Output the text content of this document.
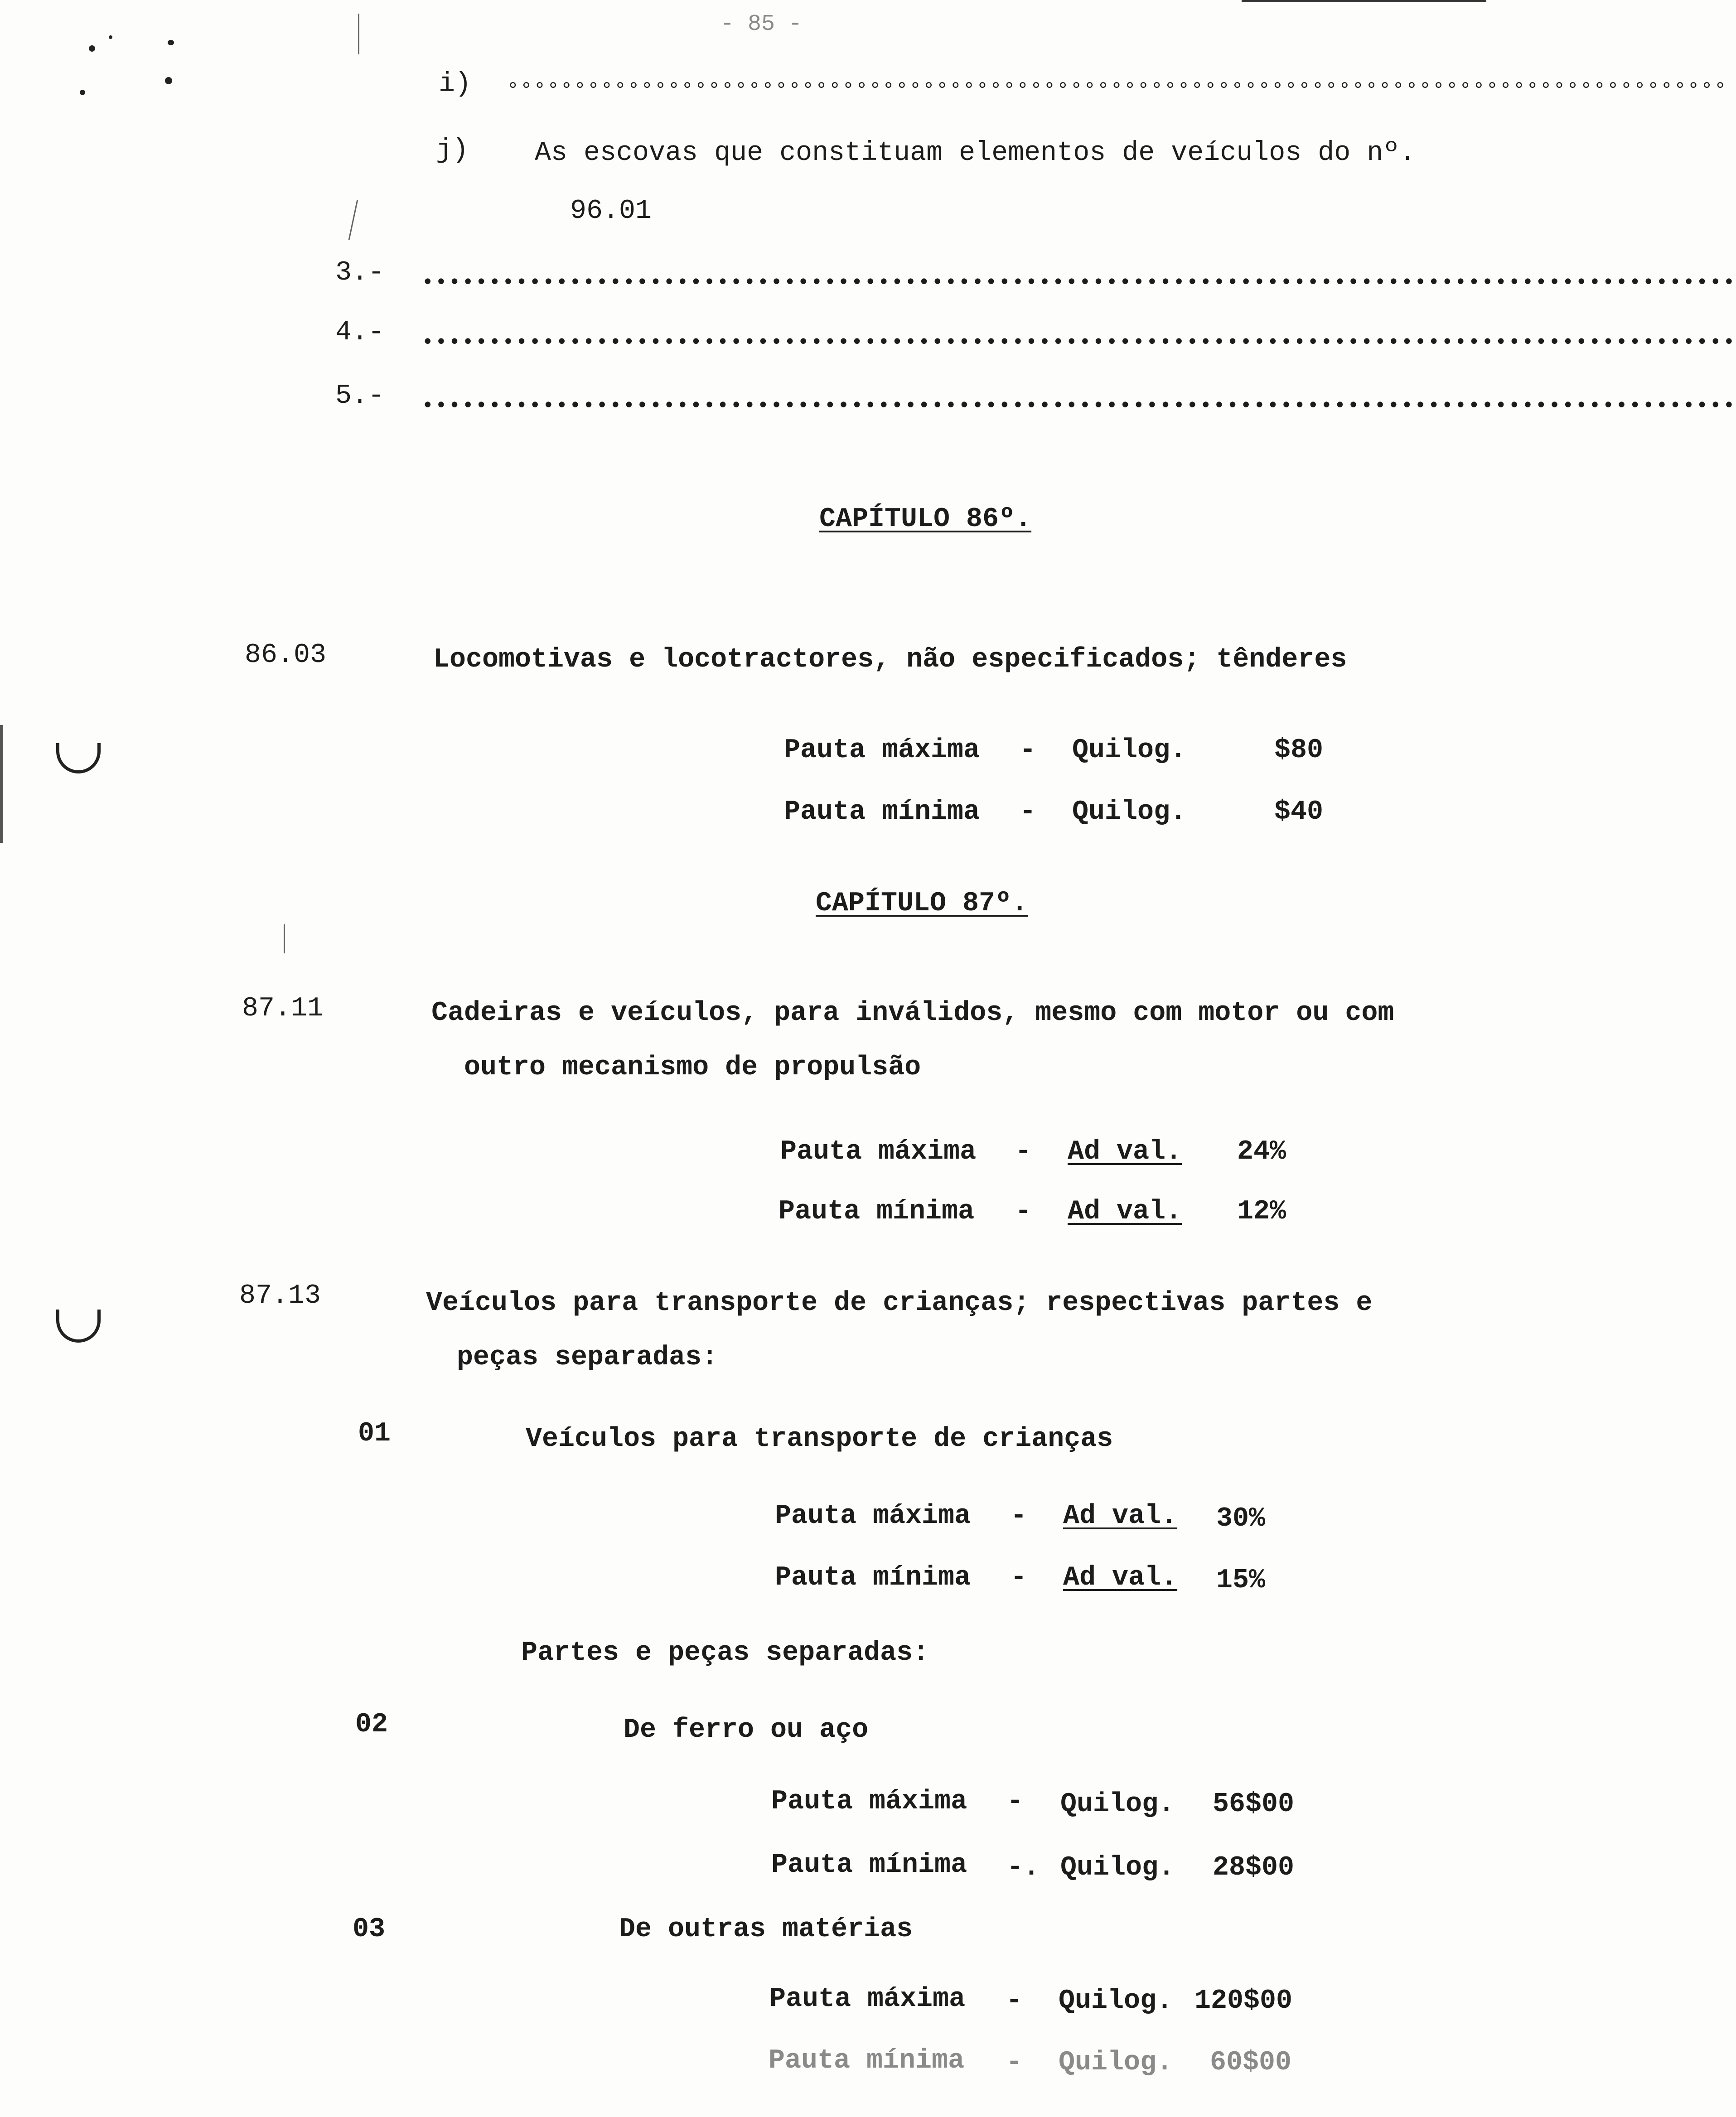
- 85 -
i) °°°°°°°°°°°°°°°°°°°°°°°°°°°°°°°°°°°°°°°°°°°°°°°°°°°°°°°°°°°°°°°°°°°°°°°°°°°°°°°°°°°°°°°°°°°
j) As escovas que constituam elementos de veículos do nº.
96.01
3.- ••••••••••••••••••••••••••••••••••••••••••••••••••••••••••••••••••••••••••••••••••••••••••••••••••
4.- ••••••••••••••••••••••••••••••••••••••••••••••••••••••••••••••••••••••••••••••••••••••••••••••••••
5.- ••••••••••••••••••••••••••••••••••••••••••••••••••••••••••••••••••••••••••••••••••••••••••••••••••
CAPÍTULO 86º.
86.03	Locomotivas e locotractores, não especificados; tênderes
Pauta máxima - Quilog.	$80
Pauta mínima - Quilog.	$40
CAPÍTULO 87º.
87.11	Cadeiras e veículos, para inválidos, mesmo com motor ou com
outro mecanismo de propulsão
Pauta máxima - Ad val. 24%
Pauta mínima - Ad val. 12%
87.13	Veículos para transporte de crianças; respectivas partes e
peças separadas:
01	Veículos para transporte de crianças
Pauta máxima - Ad val. 30%
Pauta mínima - Ad val. 15%
Partes e peças separadas:
02	De ferro ou aço
Pauta máxima - Quilog. 56$00
Pauta mínima -. Quilog. 28$00
03	De outras matérias
Pauta máxima - Quilog. 120$00
Pauta mínima - Quilog. 60$00
